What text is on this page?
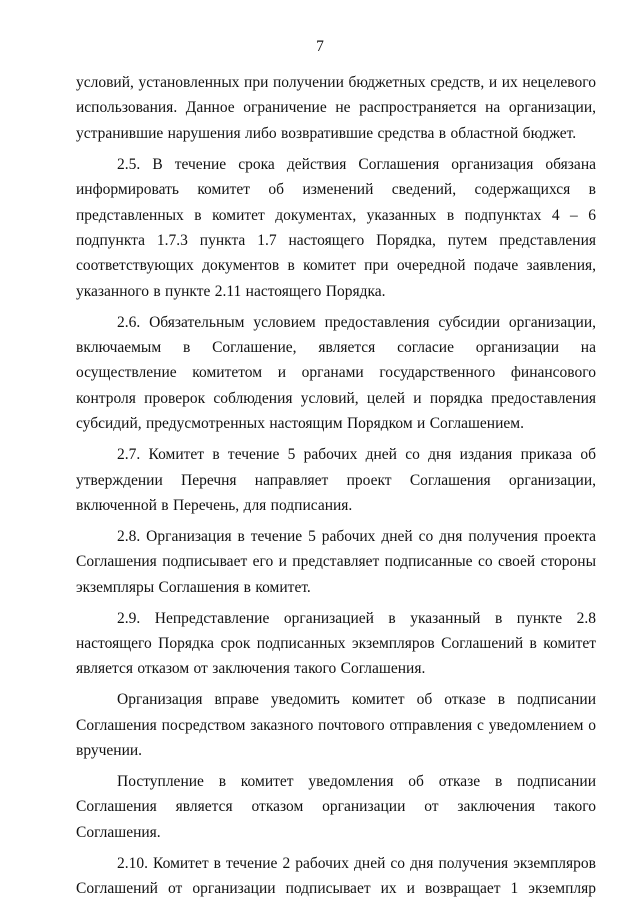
7

условий, установленных при получении бюджетных средств, и их нецелевого использования. Данное ограничение не распространяется на организации, устранившие нарушения либо возвратившие средства в областной бюджет.

2.5. В течение срока действия Соглашения организация обязана информировать комитет об изменений сведений, содержащихся в представленных в комитет документах, указанных в подпунктах 4 – 6 подпункта 1.7.3 пункта 1.7 настоящего Порядка, путем представления соответствующих документов в комитет при очередной подаче заявления, указанного в пункте 2.11 настоящего Порядка.

2.6. Обязательным условием предоставления субсидии организации, включаемым в Соглашение, является согласие организации на осуществление комитетом и органами государственного финансового контроля проверок соблюдения условий, целей и порядка предоставления субсидий, предусмотренных настоящим Порядком и Соглашением.

2.7. Комитет в течение 5 рабочих дней со дня издания приказа об утверждении Перечня направляет проект Соглашения организации, включенной в Перечень, для подписания.

2.8. Организация в течение 5 рабочих дней со дня получения проекта Соглашения подписывает его и представляет подписанные со своей стороны экземпляры Соглашения в комитет.

2.9. Непредставление организацией в указанный в пункте 2.8 настоящего Порядка срок подписанных экземпляров Соглашений в комитет является отказом от заключения такого Соглашения.

Организация вправе уведомить комитет об отказе в подписании Соглашения посредством заказного почтового отправления с уведомлением о вручении.

Поступление в комитет уведомления об отказе в подписании Соглашения является отказом организации от заключения такого Соглашения.

2.10. Комитет в течение 2 рабочих дней со дня получения экземпляров Соглашений от организации подписывает их и возвращает 1 экземпляр
